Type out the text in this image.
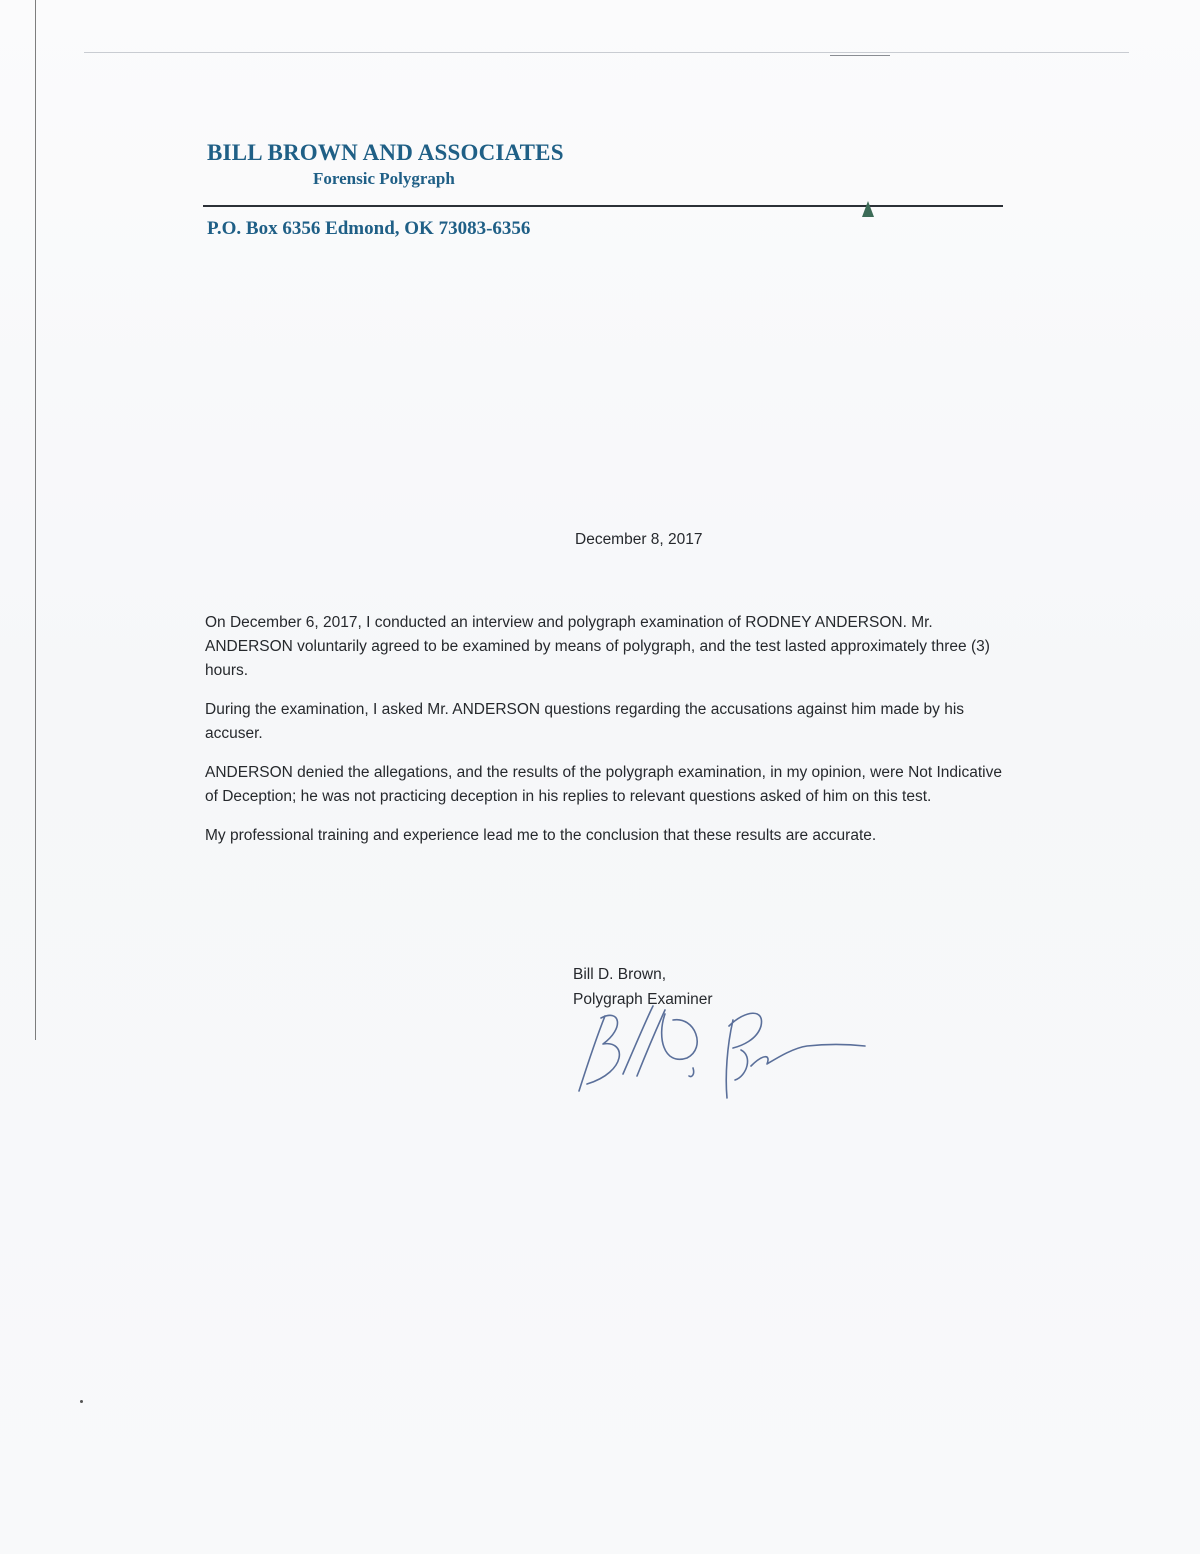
BILL BROWN AND ASSOCIATES
Forensic Polygraph
P.O. Box 6356 Edmond, OK 73083-6356
December 8, 2017

On December 6, 2017, I conducted an interview and polygraph examination of RODNEY ANDERSON. Mr. ANDERSON voluntarily agreed to be examined by means of polygraph, and the test lasted approximately three (3) hours.

During the examination, I asked Mr. ANDERSON questions regarding the accusations against him made by his accuser.

ANDERSON denied the allegations, and the results of the polygraph examination, in my opinion, were Not Indicative of Deception; he was not practicing deception in his replies to relevant questions asked of him on this test.

My professional training and experience lead me to the conclusion that these results are accurate.

Bill D. Brown,
Polygraph Examiner
